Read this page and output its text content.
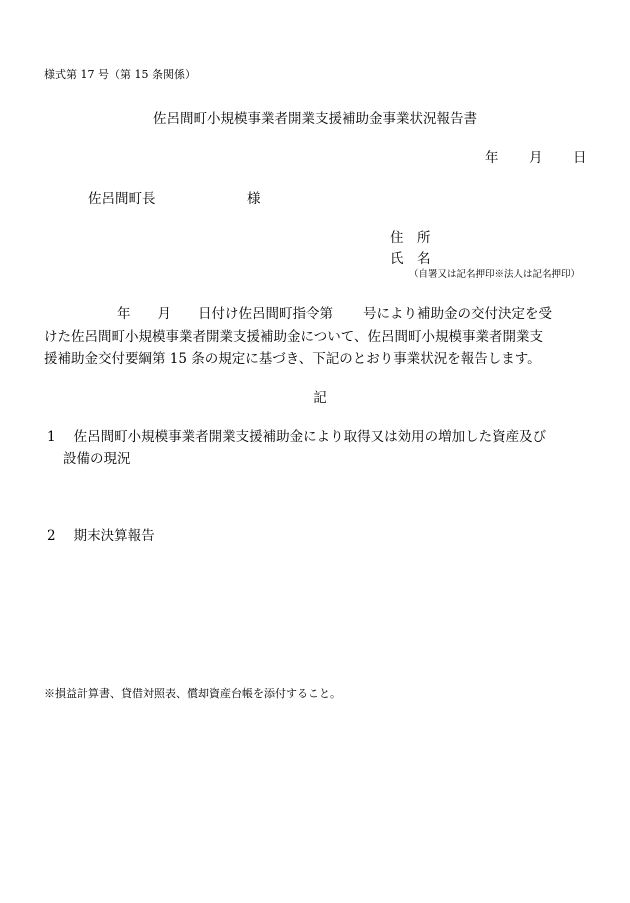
様式第 17 号（第 15 条関係）
佐呂間町小規模事業者開業支援補助金事業状況報告書
年 月 日
佐呂間町長	様
住　所
氏　名
（自署又は記名押印※法人は記名押印）
年 月 日付け佐呂間町指令第 号により補助金の交付決定を受
けた佐呂間町小規模事業者開業支援補助金について、佐呂間町小規模事業者開業支
援補助金交付要綱第 15 条の規定に基づき、下記のとおり事業状況を報告します。
記
1 佐呂間町小規模事業者開業支援補助金により取得又は効用の増加した資産及び
設備の現況
2 期末決算報告
※損益計算書、貸借対照表、償却資産台帳を添付すること。
